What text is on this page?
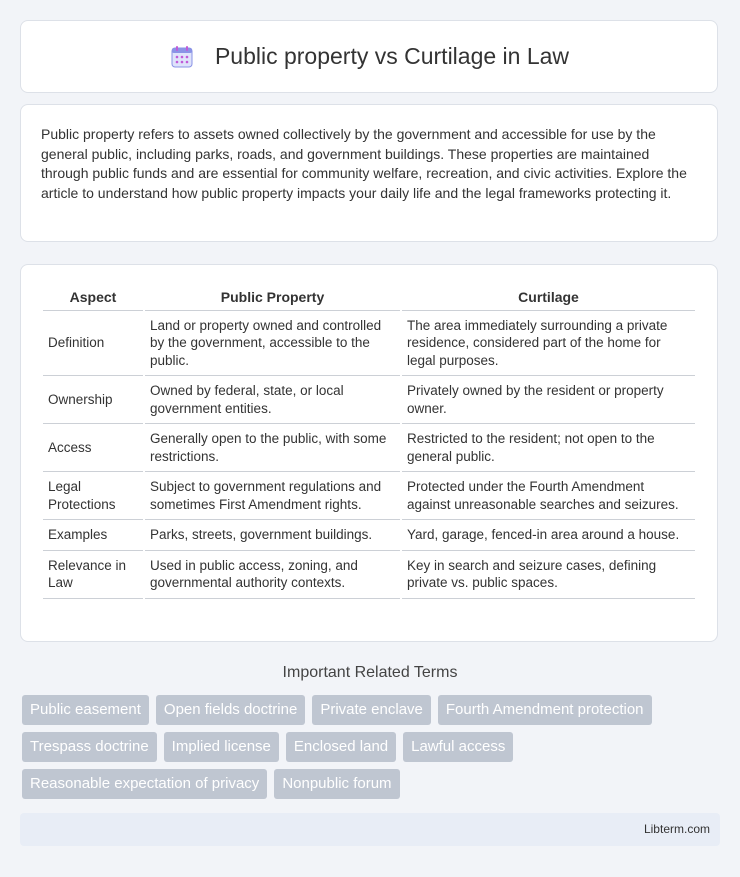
Public property vs Curtilage in Law

Public property refers to assets owned collectively by the government and accessible for use by the general public, including parks, roads, and government buildings. These properties are maintained through public funds and are essential for community welfare, recreation, and civic activities. Explore the article to understand how public property impacts your daily life and the legal frameworks protecting it.

Aspect	Public Property	Curtilage
Definition	Land or property owned and controlled by the government, accessible to the public.	The area immediately surrounding a private residence, considered part of the home for legal purposes.
Ownership	Owned by federal, state, or local government entities.	Privately owned by the resident or property owner.
Access	Generally open to the public, with some restrictions.	Restricted to the resident; not open to the general public.
Legal Protections	Subject to government regulations and sometimes First Amendment rights.	Protected under the Fourth Amendment against unreasonable searches and seizures.
Examples	Parks, streets, government buildings.	Yard, garage, fenced-in area around a house.
Relevance in Law	Used in public access, zoning, and governmental authority contexts.	Key in search and seizure cases, defining private vs. public spaces.
Important Related Terms
Public easement	Open fields doctrine	Private enclave	Fourth Amendment protection
Trespass doctrine	Implied license	Enclosed land	Lawful access
Reasonable expectation of privacy	Nonpublic forum
Libterm.com
